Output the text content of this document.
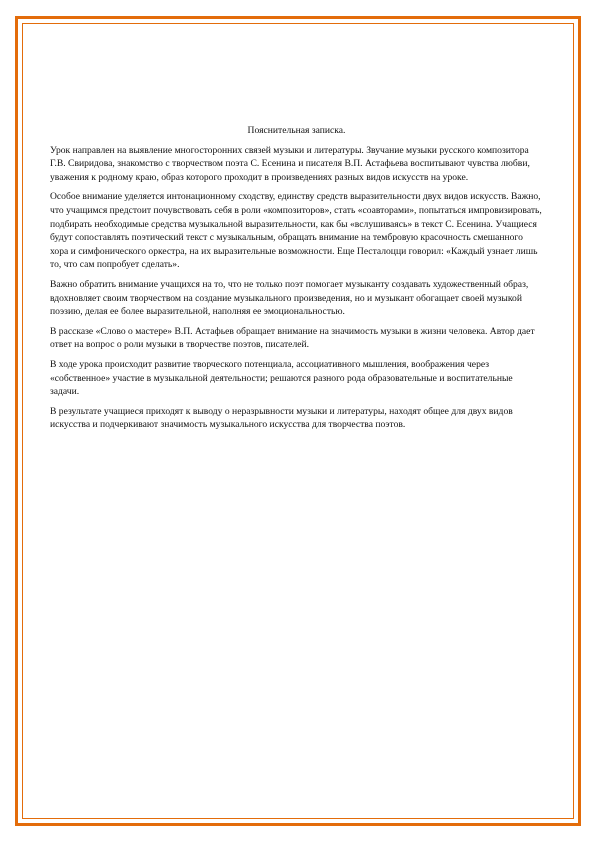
Пояснительная записка.

Урок направлен на выявление многосторонних связей музыки и литературы. Звучание музыки русского композитора Г.В. Свиридова, знакомство с творчеством поэта С. Есенина и писателя В.П. Астафьева воспитывают чувства любви, уважения к родному краю, образ которого проходит в произведениях разных видов искусств на уроке.

Особое внимание уделяется интонационному сходству, единству средств выразительности двух видов искусств. Важно, что учащимся предстоит почувствовать себя в роли «композиторов», стать «соавторами», попытаться импровизировать, подбирать необходимые средства музыкальной выразительности, как бы «вслушиваясь» в текст С. Есенина. Учащиеся будут сопоставлять поэтический текст с музыкальным, обращать внимание на тембровую красочность смешанного хора и симфонического оркестра, на их выразительные возможности. Еще Песталоцци говорил: «Каждый узнает лишь то, что сам попробует сделать».

Важно обратить внимание учащихся на то, что не только поэт помогает музыканту создавать художественный образ, вдохновляет своим творчеством на создание музыкального произведения, но и музыкант обогащает своей музыкой поэзию, делая ее более выразительной, наполняя ее эмоциональностью.

В рассказе «Слово о мастере» В.П. Астафьев обращает внимание на значимость музыки в жизни человека. Автор дает ответ на вопрос о роли музыки в творчестве поэтов, писателей.

В ходе урока происходит развитие творческого потенциала, ассоциативного мышления, воображения через «собственное» участие в музыкальной деятельности; решаются разного рода образовательные и воспитательные задачи.

В результате учащиеся приходят к выводу о неразрывности музыки и литературы, находят общее для двух видов искусства и подчеркивают значимость музыкального искусства для творчества поэтов.
